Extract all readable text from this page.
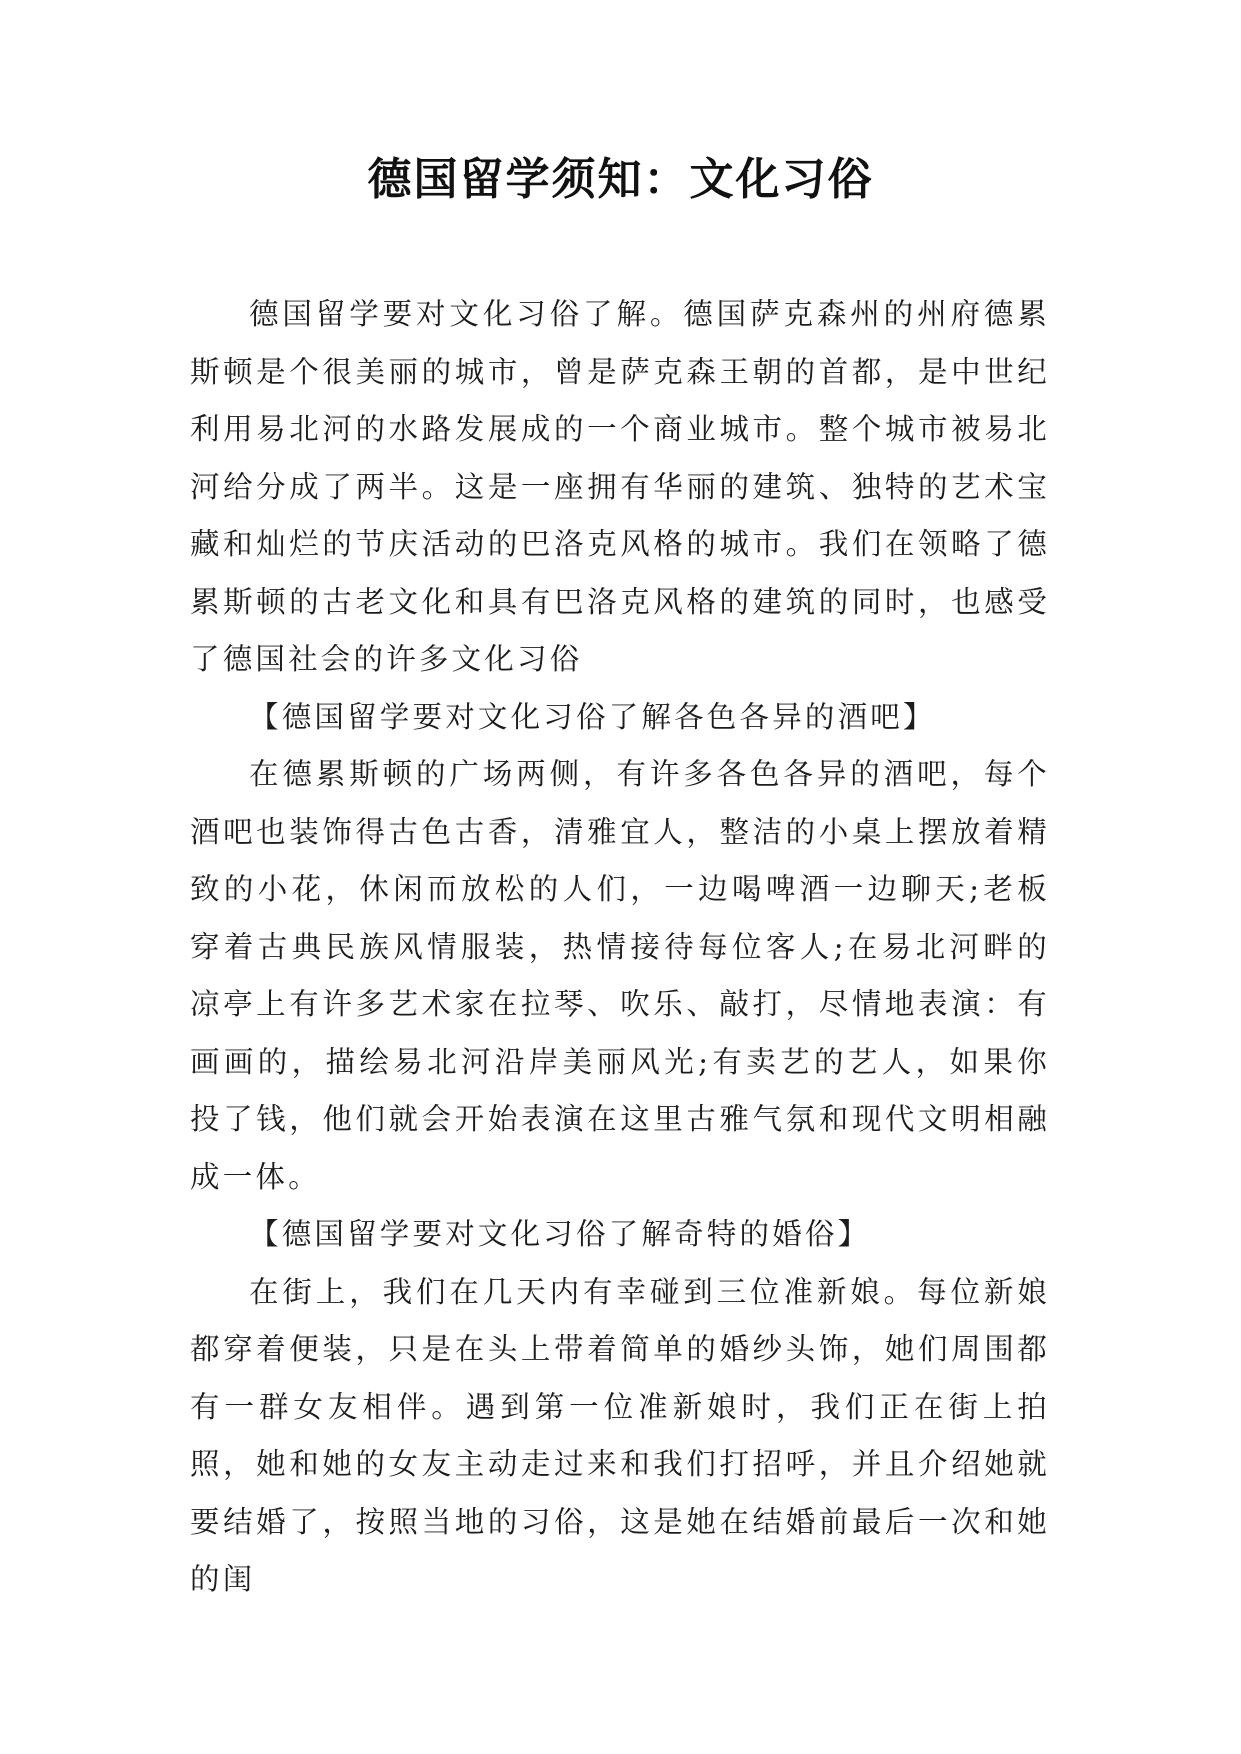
德国留学须知：文化习俗

德国留学要对文化习俗了解。德国萨克森州的州府德累斯顿是个很美丽的城市，曾是萨克森王朝的首都，是中世纪利用易北河的水路发展成的一个商业城市。整个城市被易北河给分成了两半。这是一座拥有华丽的建筑、独特的艺术宝藏和灿烂的节庆活动的巴洛克风格的城市。我们在领略了德累斯顿的古老文化和具有巴洛克风格的建筑的同时，也感受了德国社会的许多文化习俗

【德国留学要对文化习俗了解各色各异的酒吧】

在德累斯顿的广场两侧，有许多各色各异的酒吧，每个酒吧也装饰得古色古香，清雅宜人，整洁的小桌上摆放着精致的小花，休闲而放松的人们，一边喝啤酒一边聊天;老板穿着古典民族风情服装，热情接待每位客人;在易北河畔的凉亭上有许多艺术家在拉琴、吹乐、敲打，尽情地表演：有画画的，描绘易北河沿岸美丽风光;有卖艺的艺人，如果你投了钱，他们就会开始表演在这里古雅气氛和现代文明相融成一体。

【德国留学要对文化习俗了解奇特的婚俗】

在街上，我们在几天内有幸碰到三位准新娘。每位新娘都穿着便装，只是在头上带着简单的婚纱头饰，她们周围都有一群女友相伴。遇到第一位准新娘时，我们正在街上拍照，她和她的女友主动走过来和我们打招呼，并且介绍她就要结婚了，按照当地的习俗，这是她在结婚前最后一次和她的闺
